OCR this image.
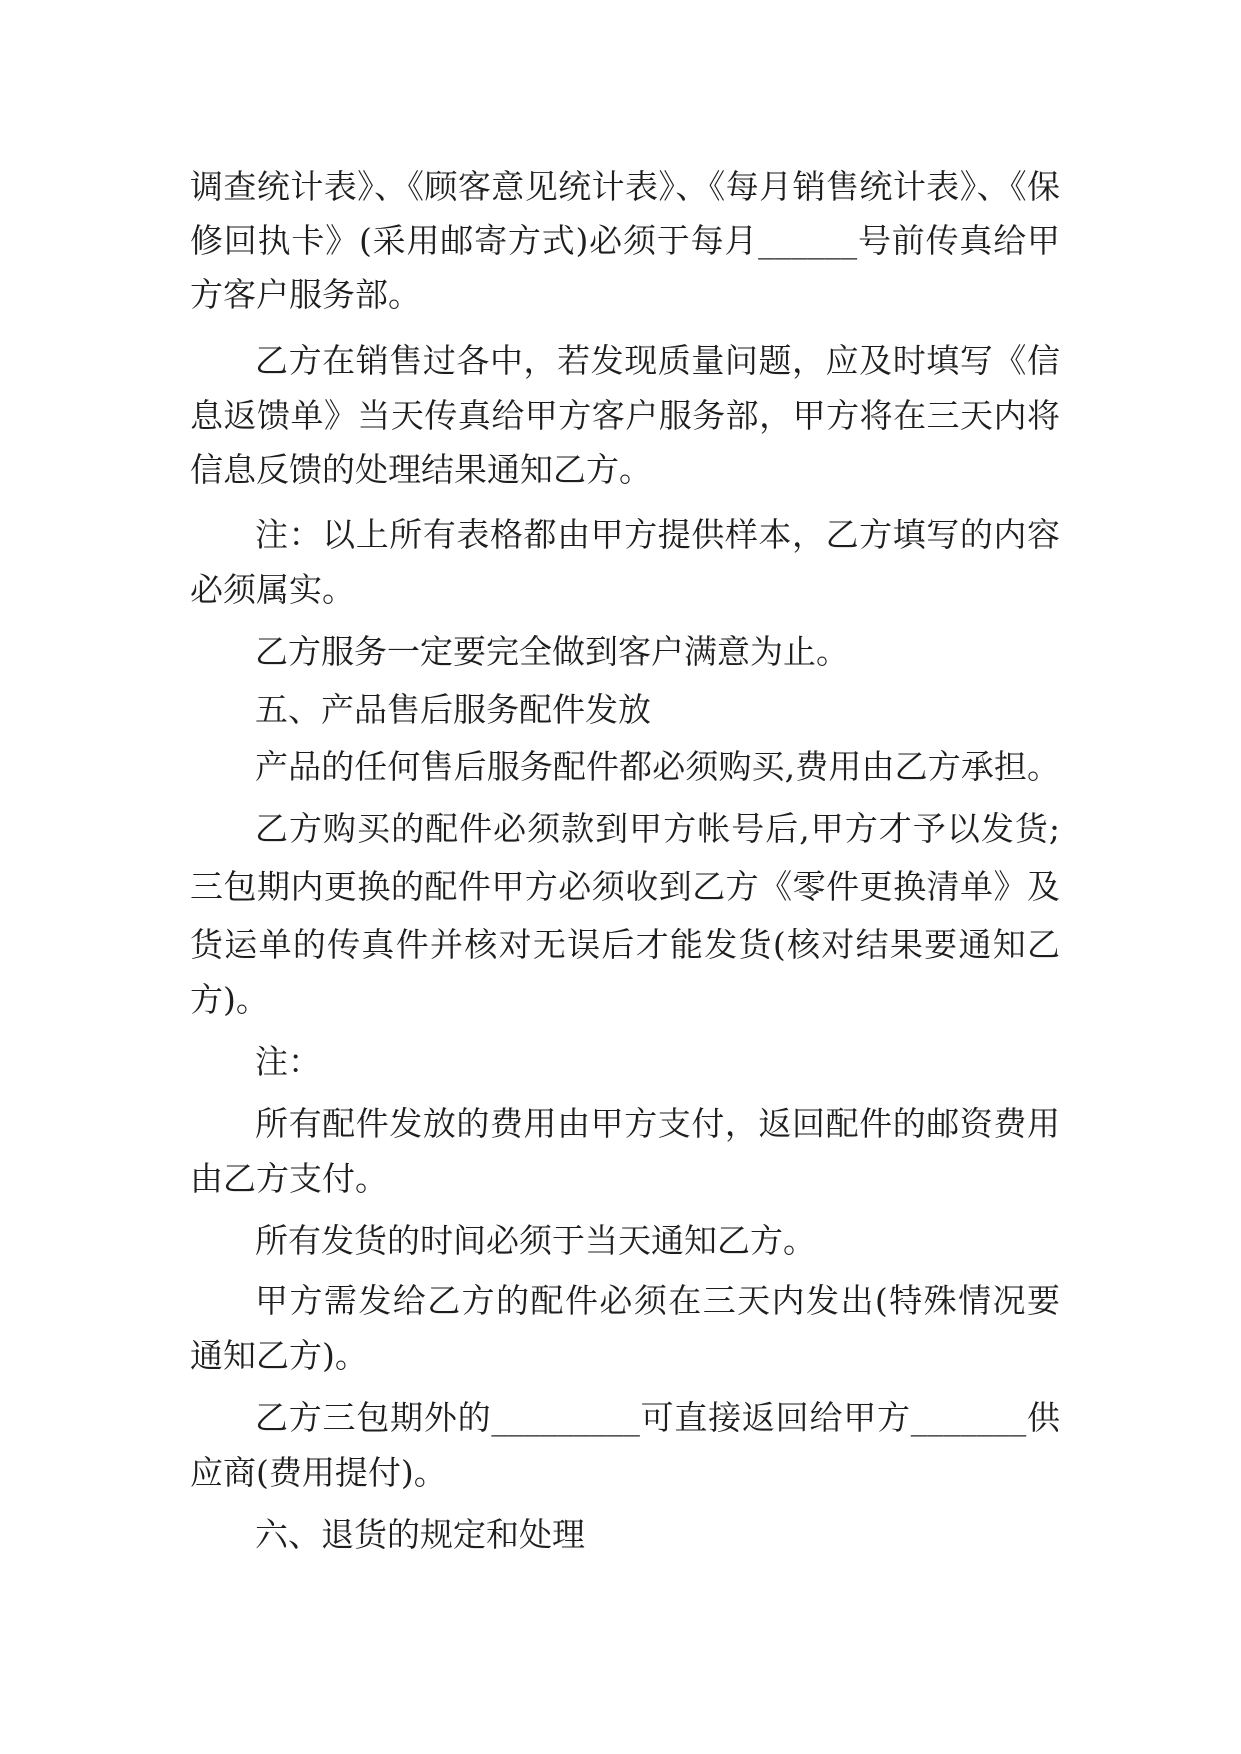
调查统计表》、《顾客意见统计表》、《每月销售统计表》、《保
修回执卡》(采用邮寄方式)必须于每月______号前传真给甲
方客户服务部。
乙方在销售过各中，若发现质量问题，应及时填写《信
息返馈单》当天传真给甲方客户服务部，甲方将在三天内将
信息反馈的处理结果通知乙方。
注：以上所有表格都由甲方提供样本，乙方填写的内容
必须属实。
乙方服务一定要完全做到客户满意为止。
五、产品售后服务配件发放
产品的任何售后服务配件都必须购买,费用由乙方承担。
乙方购买的配件必须款到甲方帐号后,甲方才予以发货;
三包期内更换的配件甲方必须收到乙方《零件更换清单》及
货运单的传真件并核对无误后才能发货(核对结果要通知乙
方)。
注：
所有配件发放的费用由甲方支付，返回配件的邮资费用
由乙方支付。
所有发货的时间必须于当天通知乙方。
甲方需发给乙方的配件必须在三天内发出(特殊情况要
通知乙方)。
乙方三包期外的_________可直接返回给甲方_______供
应商(费用提付)。
六、退货的规定和处理
